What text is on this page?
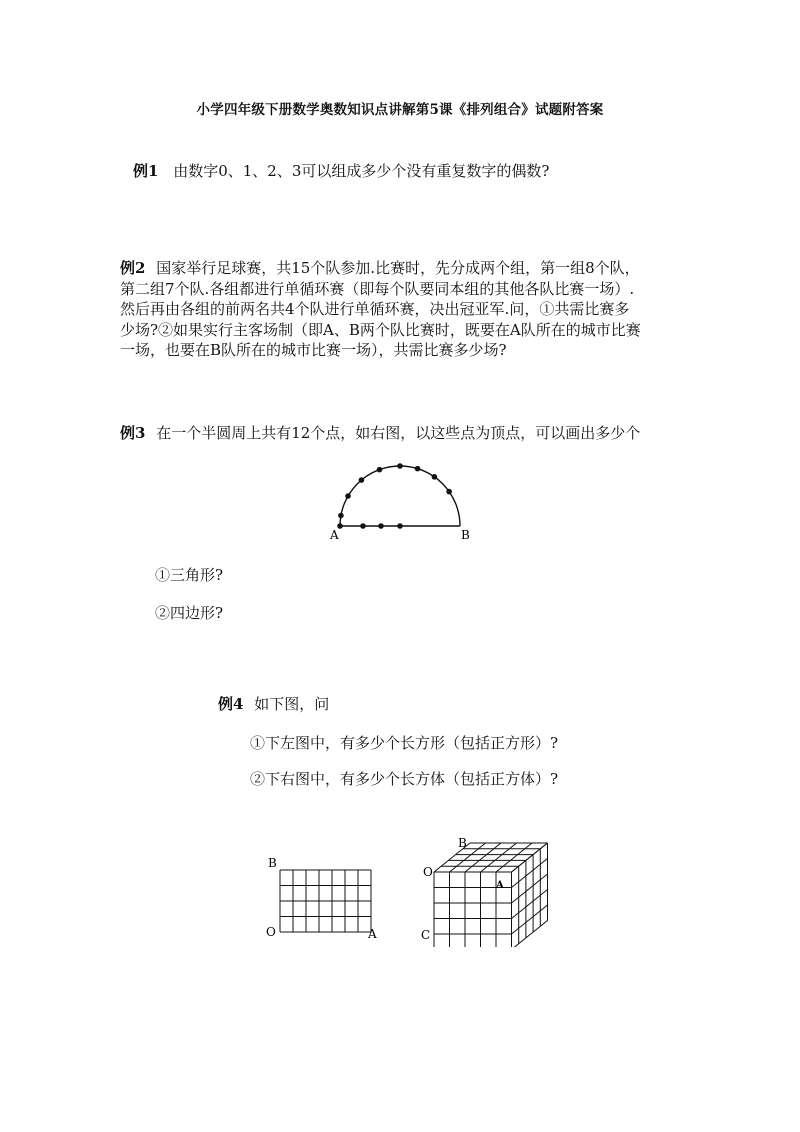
小学四年级下册数学奥数知识点讲解第5课《排列组合》试题附答案
例1 由数字0、1、2、3可以组成多少个没有重复数字的偶数?
例2 国家举行足球赛，共15个队参加.比赛时，先分成两个组，第一组8个队，
第二组7个队.各组都进行单循环赛（即每个队要同本组的其他各队比赛一场）.
然后再由各组的前两名共4个队进行单循环赛，决出冠亚军.问，①共需比赛多
少场?②如果实行主客场制（即A、B两个队比赛时，既要在A队所在的城市比赛
一场，也要在B队所在的城市比赛一场），共需比赛多少场?
例3 在一个半圆周上共有12个点，如右图，以这些点为顶点，可以画出多少个
A	B
①三角形?
②四边形?
例4 如下图，问
①下左图中，有多少个长方形（包括正方形）?
②下右图中，有多少个长方体（包括正方体）?
B
O	A
B
O
A
C
